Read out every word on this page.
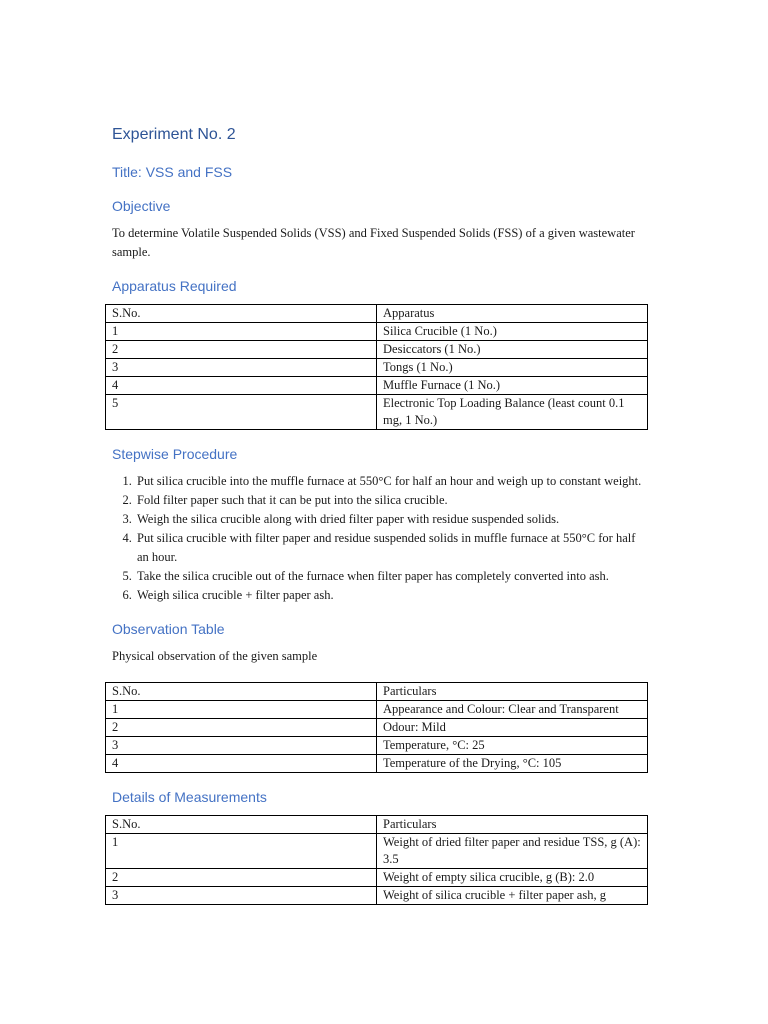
Experiment No. 2
Title: VSS and FSS
Objective

To determine Volatile Suspended Solids (VSS) and Fixed Suspended Solids (FSS) of a given wastewater sample.

Apparatus Required
S.No.	Apparatus
1	Silica Crucible (1 No.)
2	Desiccators (1 No.)
3	Tongs (1 No.)
4	Muffle Furnace (1 No.)
5	Electronic Top Loading Balance (least count 0.1 mg, 1 No.)
Stepwise Procedure
1. Put silica crucible into the muffle furnace at 550°C for half an hour and weigh up to constant weight.
2. Fold filter paper such that it can be put into the silica crucible.
3. Weigh the silica crucible along with dried filter paper with residue suspended solids.
4. Put silica crucible with filter paper and residue suspended solids in muffle furnace at 550°C for half an hour.
5. Take the silica crucible out of the furnace when filter paper has completely converted into ash.
6. Weigh silica crucible + filter paper ash.
Observation Table

Physical observation of the given sample

S.No.	Particulars
1	Appearance and Colour: Clear and Transparent
2	Odour: Mild
3	Temperature, °C: 25
4	Temperature of the Drying, °C: 105
Details of Measurements
S.No.	Particulars
1	Weight of dried filter paper and residue TSS, g (A): 3.5
2	Weight of empty silica crucible, g (B): 2.0
3	Weight of silica crucible + filter paper ash, g
